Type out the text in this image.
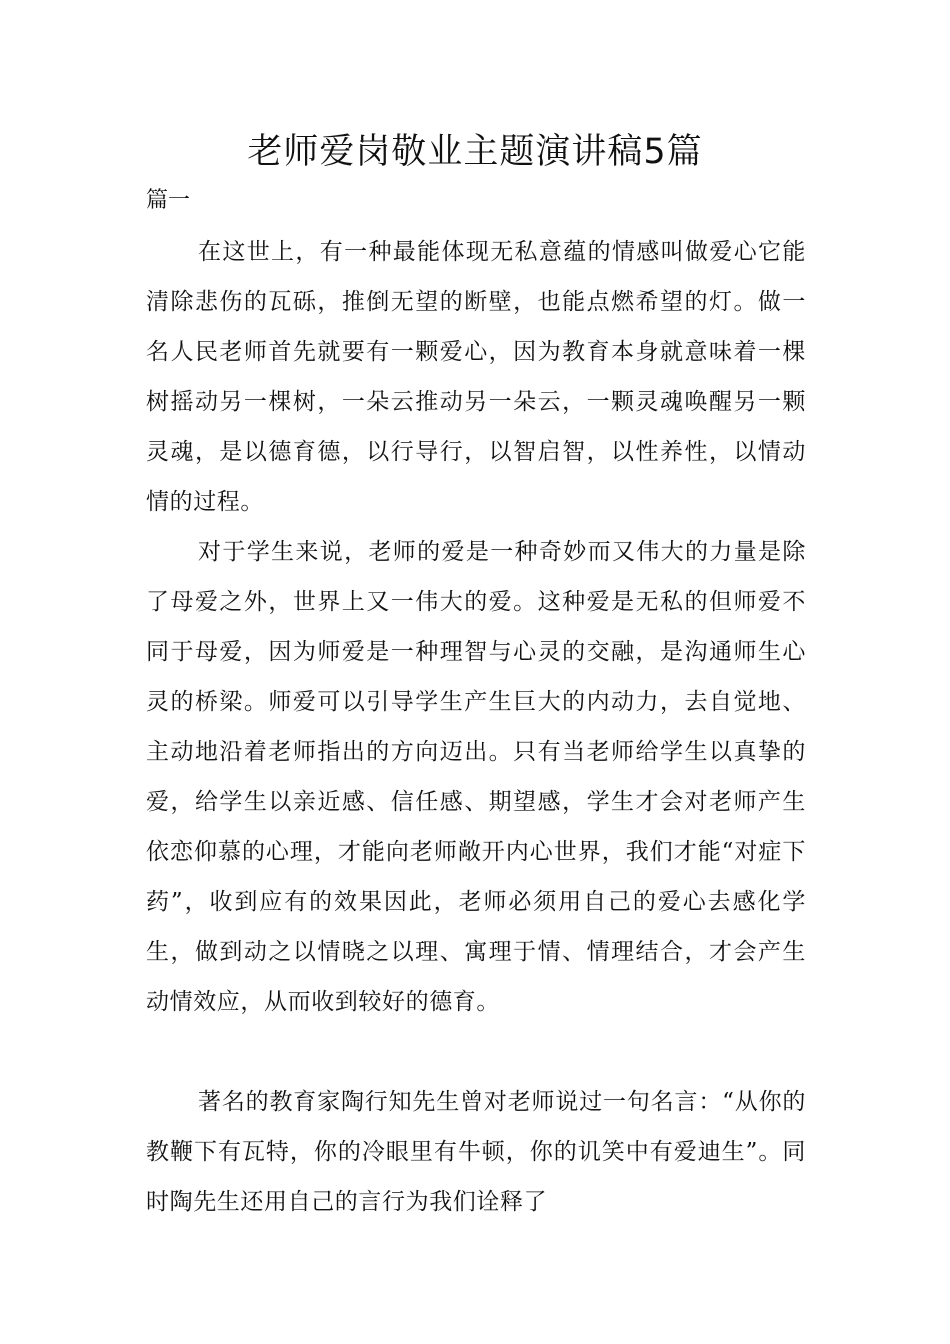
老师爱岗敬业主题演讲稿5篇
篇一

在这世上，有一种最能体现无私意蕴的情感叫做爱心它能清除悲伤的瓦砾，推倒无望的断壁，也能点燃希望的灯。做一名人民老师首先就要有一颗爱心，因为教育本身就意味着一棵树摇动另一棵树，一朵云推动另一朵云，一颗灵魂唤醒另一颗灵魂，是以德育德，以行导行，以智启智，以性养性，以情动情的过程。

对于学生来说，老师的爱是一种奇妙而又伟大的力量是除了母爱之外，世界上又一伟大的爱。这种爱是无私的但师爱不同于母爱，因为师爱是一种理智与心灵的交融，是沟通师生心灵的桥梁。师爱可以引导学生产生巨大的内动力，去自觉地、主动地沿着老师指出的方向迈出。只有当老师给学生以真挚的爱，给学生以亲近感、信任感、期望感，学生才会对老师产生依恋仰慕的心理，才能向老师敞开内心世界，我们才能“对症下药”，收到应有的效果因此，老师必须用自己的爱心去感化学生，做到动之以情晓之以理、寓理于情、情理结合，才会产生动情效应，从而收到较好的德育。

著名的教育家陶行知先生曾对老师说过一句名言：“从你的教鞭下有瓦特，你的冷眼里有牛顿，你的讥笑中有爱迪生”。同时陶先生还用自己的言行为我们诠释了
